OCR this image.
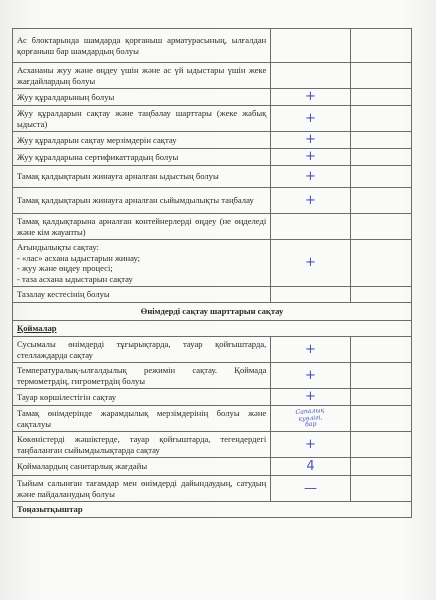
Ас блоктарында шамдарда қорғаныш арматурасының, ылғалдан қорғаныш бар шамдардың болуы		
Асхананы жуу және өңдеу үшін және ас үй ыдыстары үшін жеке жағдайлардың болуы		
Жуу құралдарының болуы	+	
Жуу құралдарын сақтау және таңбалау шарттары (жеке жабық ыдыста)	+	
Жуу құралдарын сақтау мерзімдерін сақтау	+	
Жуу құралдарына сертификаттардың болуы	+	
Тамақ қалдықтарын жинауға арналған ыдыстың болуы	+	
Тамақ қалдықтарын жинауға арналған сыйымдылықты таңбалау	+	
Тамақ қалдықтарына арналған контейнерлерді өңдеу (не өңделеді және кім жауапты)		

Ағындылықты сақтау:
- «лас» асхана ыдыстарын жинау;
- жуу және өңдеу процесі;
- таза асхана ыдыстарын сақтау	+	
Тазалау кестесінің болуы		
Өнімдерді сақтау шарттарын сақтау		
Қоймалар		
Сусымалы өнімдерді тұғырықтарда, тауар қойғыштарда, стеллаждарда сақтау	+	
Температуралық-ылғалдылық режимін сақтау. Қоймада термометрдің, гигрометрдің болуы	+	
Тауар көршілестігін сақтау	+	
Тамақ өнімдерінде жарамдылық мерзімдерінің болуы және сақталуы	Сапалық
куәлігі,
бар	

Көкөністерді жәшіктерде, тауар қойғыштарда, тегендердегі таңбаланған сыйымдылықтарда сақтау	+	
Қоймалардың санитарлық жағдайы	4	
Тыйым салынған тағамдар мен өнімдерді дайындаудың, сатудың және пайдаланудың болуы	—	
Тоңазытқыштар		
